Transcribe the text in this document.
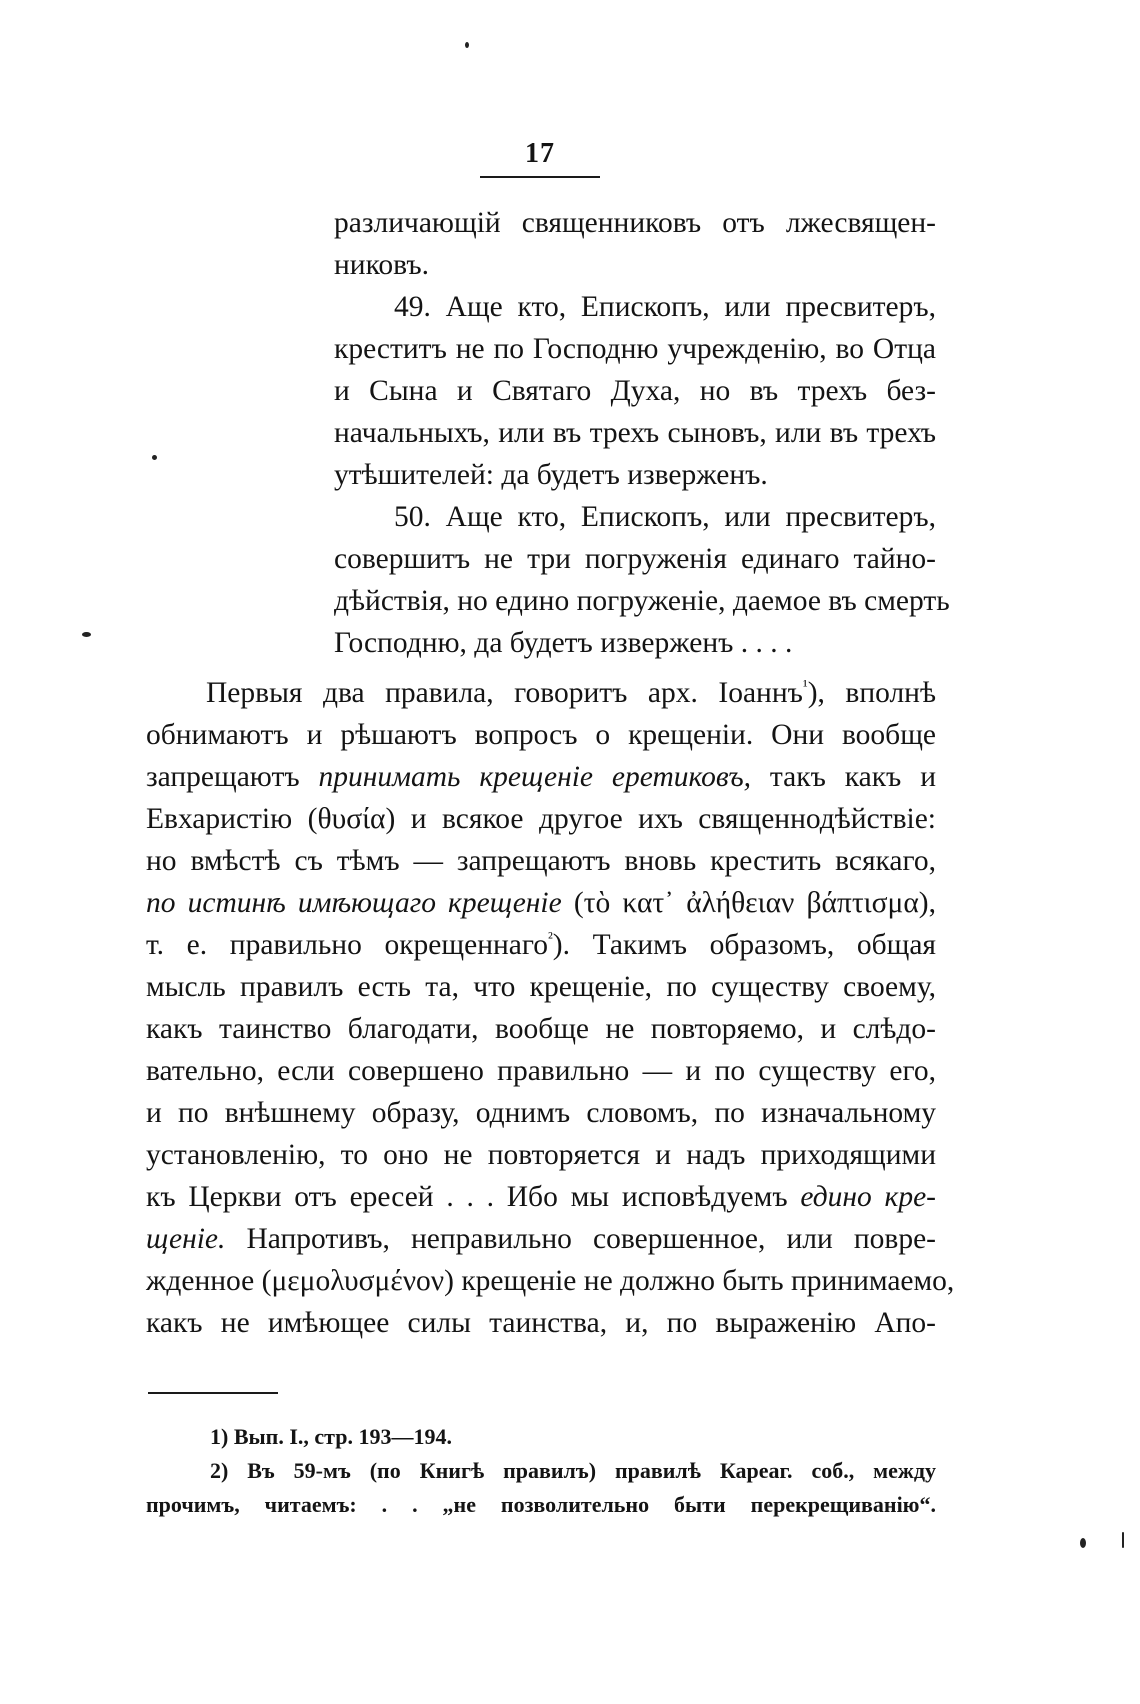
17
различающій священниковъ отъ лжесвящен-
никовъ.
49. Аще кто, Епископъ, или пресвитеръ,
креститъ не по Господню учрежденію, во Отца
и Сына и Святаго Духа, но въ трехъ без-
начальныхъ, или въ трехъ сыновъ, или въ трехъ
утѣшителей: да будетъ изверженъ.
50. Аще кто, Епископъ, или пресвитеръ,
совершитъ не три погруженія единаго тайно-
дѣйствія, но едино погруженіе, даемое въ смерть
Господню, да будетъ изверженъ . . . .
Первыя два правила, говоритъ арх. Іоаннъ$^{^1}$), вполнѣ
обнимаютъ и рѣшаютъ вопросъ о крещеніи. Они вообще
запрещаютъ принимать крещеніе еретиковъ, такъ какъ и
Евхаристію (θυσία) и всякое другое ихъ священнодѣйствіе:
но вмѣстѣ съ тѣмъ — запрещаютъ вновь крестить всякаго,
по истинѣ имѣющаго крещеніе (τὸ κατ᾽ ἀλήθειαν βάπτισμα),
т. е. правильно окрещеннаго$^{^2}$). Такимъ образомъ, общая
мысль правилъ есть та, что крещеніе, по существу своему,
какъ таинство благодати, вообще не повторяемо, и слѣдо-
вательно, если совершено правильно — и по существу его,
и по внѣшнему образу, однимъ словомъ, по изначальному
установленію, то оно не повторяется и надъ приходящими
къ Церкви отъ ересей . . . Ибо мы исповѣдуемъ едино кре-
щеніе. Напротивъ, неправильно совершенное, или повре-
жденное (μεμολυσμένον) крещеніе не должно быть принимаемо,
какъ не имѣющее силы таинства, и, по выраженію Апо-
1) Вып. I., стр. 193—194.
2) Въ 59-мъ (по Книгѣ правилъ) правилѣ Кареаг. соб., между
прочимъ, читаемъ: . . „не позволительно быти перекрещиванію“.
